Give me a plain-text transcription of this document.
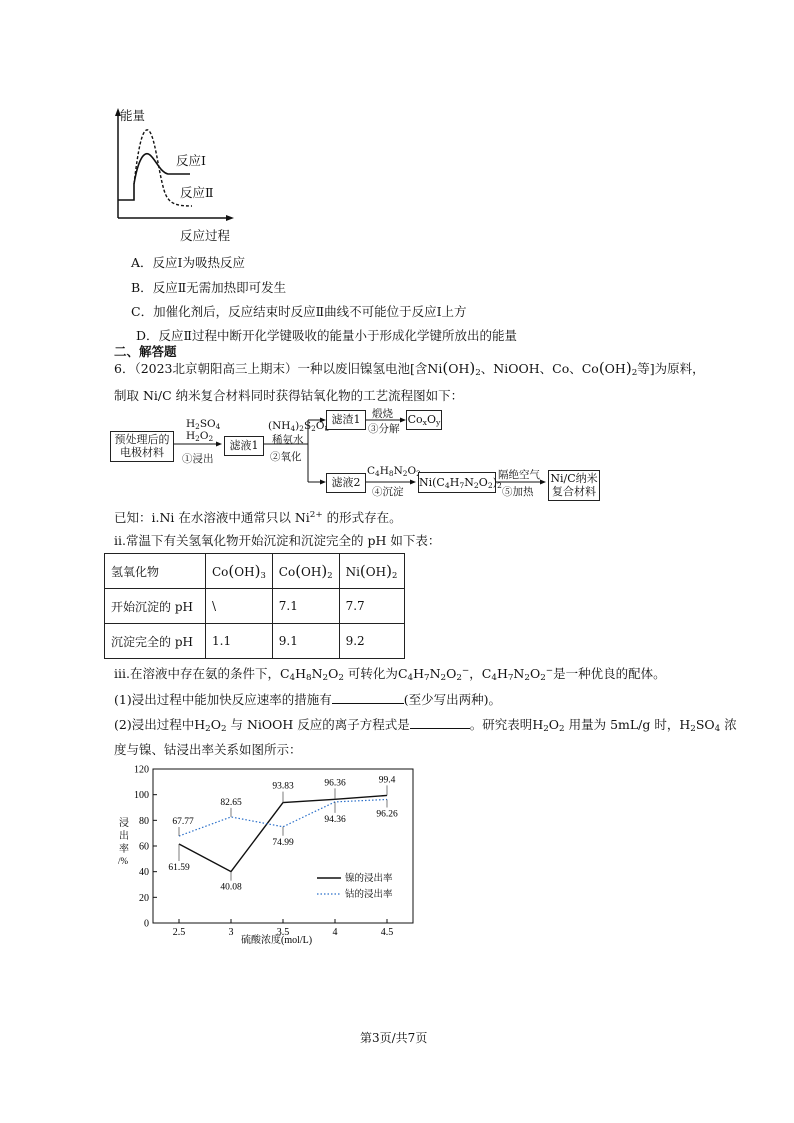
能量
反应Ⅰ
反应Ⅱ
反应过程
A．反应Ⅰ为吸热反应
B．反应Ⅱ无需加热即可发生
C．加催化剂后，反应结束时反应Ⅱ曲线不可能位于反应Ⅰ上方
D．反应Ⅱ过程中断开化学键吸收的能量小于形成化学键所放出的能量
二、解答题
6．（2023北京朝阳高三上期末）一种以废旧镍氢电池[含$Ni(OH)_2$、NiOOH、Co、$Co(OH)_2$等]为原料，
制取 Ni/C 纳米复合材料同时获得钴氧化物的工艺流程图如下：
预处理后的
电极材料
$H_2SO_4$
$H_2O_2$
①浸出
滤液1
$(NH_4)_2S_2O$
稀氨水
②氧化
滤渣1	煅烧
③分解
$Co_xO_y$
滤液2
$C_4H_8N_2O$
④沉淀
$Ni(C_4H_7N_2O_2)_2$
隔绝空气
⑤加热
Ni/C纳米
复合材料
已知：i.Ni 在水溶液中通常只以 $Ni^{2+}$ 的形式存在。
ii.常温下有关氢氧化物开始沉淀和沉淀完全的 pH 如下表：
氢氧化物	$Co(OH)_3$	$Co(OH)_2$	$Ni(OH)_2$
开始沉淀的 pH	\	7.1	7.7
沉淀完全的 pH	1.1	9.1	9.2
iii.在溶液中存在氨的条件下，$C_4H_8N_2O_2$ 可转化为$C_4H_7N_2O_2^-$，$C_4H_7N_2O_2^-$是一种优良的配体。
(1)浸出过程中能加快反应速率的措施有	(至少写出两种)。
(2)浸出过程中$H_2O_2$ 与 NiOOH 反应的离子方程式是	。研究表明$H_2O_2$ 用量为 5mL/g 时，$H_2SO_4$ 浓
度与镍、钴浸出率关系如图所示：
0
20
40
60
80
100
120
2.5	3	3.5	4	4.5
61.59
40.08
93.83	96.36	99.4
67.77
82.65
74.99
94.36
96.26
浸
出
率
/%
硫酸浓度(mol/L)
镍的浸出率
钴的浸出率
第3页/共7页
